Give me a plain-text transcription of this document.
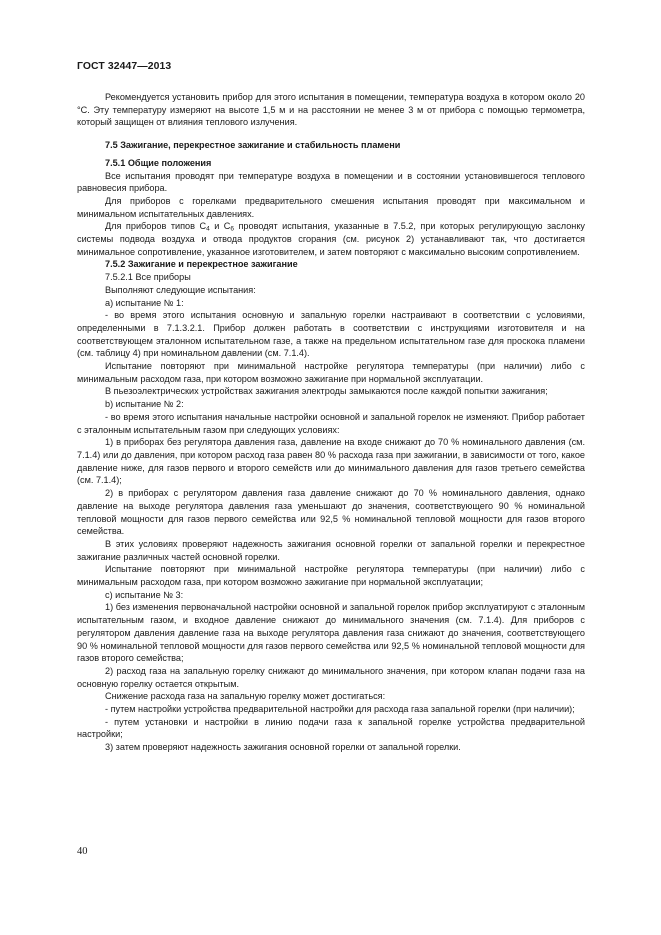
ГОСТ 32447—2013

Рекомендуется установить прибор для этого испытания в помещении, температура воздуха в котором около 20 °С. Эту температуру измеряют на высоте 1,5 м и на расстоянии не менее 3 м от прибора с помощью термометра, который защищен от влияния теплового излучения.

7.5 Зажигание, перекрестное зажигание и стабильность пламени
7.5.1 Общие положения

Все испытания проводят при температуре воздуха в помещении и в состоянии установившегося теплового равновесия прибора.

Для приборов с горелками предварительного смешения испытания проводят при максимальном и минимальном испытательных давлениях.

Для приборов типов $С_4$ и $С_6$ проводят испытания, указанные в 7.5.2, при которых регулирующую заслонку системы подвода воздуха и отвода продуктов сгорания (см. рисунок 2) устанавливают так, что достигается минимальное сопротивление, указанное изготовителем, и затем повторяют с максимально высоким сопротивлением.

7.5.2 Зажигание и перекрестное зажигание

7.5.2.1 Все приборы

Выполняют следующие испытания:

а) испытание № 1:

- во время этого испытания основную и запальную горелки настраивают в соответствии с условиями, определенными в 7.1.3.2.1. Прибор должен работать в соответствии с инструкциями изготовителя и на соответствующем эталонном испытательном газе, а также на предельном испытательном газе для проскока пламени (см. таблицу 4) при номинальном давлении (см. 7.1.4).

Испытание повторяют при минимальной настройке регулятора температуры (при наличии) либо с минимальным расходом газа, при котором возможно зажигание при нормальной эксплуатации.

В пьезоэлектрических устройствах зажигания электроды замыкаются после каждой попытки зажигания;

b) испытание № 2:

- во время этого испытания начальные настройки основной и запальной горелок не изменяют. Прибор работает с эталонным испытательным газом при следующих условиях:

1) в приборах без регулятора давления газа, давление на входе снижают до 70 % номинального давления (см. 7.1.4) или до давления, при котором расход газа равен 80 % расхода газа при зажигании, в зависимости от того, какое давление ниже, для газов первого и второго семейств или до минимального давления для газов третьего семейства (см. 7.1.4);

2) в приборах с регулятором давления газа давление снижают до 70 % номинального давления, однако давление на выходе регулятора давления газа уменьшают до значения, соответствующего 90 % номинальной тепловой мощности для газов первого семейства или 92,5 % номинальной тепловой мощности для газов второго семейства.

В этих условиях проверяют надежность зажигания основной горелки от запальной горелки и перекрестное зажигание различных частей основной горелки.

Испытание повторяют при минимальной настройке регулятора температуры (при наличии) либо с минимальным расходом газа, при котором возможно зажигание при нормальной эксплуатации;

с) испытание № 3:

1) без изменения первоначальной настройки основной и запальной горелок прибор эксплуатируют с эталонным испытательным газом, и входное давление снижают до минимального значения (см. 7.1.4). Для приборов с регулятором давления давление газа на выходе регулятора давления газа снижают до значения, соответствующего 90 % номинальной тепловой мощности для газов первого семейства или 92,5 % номинальной тепловой мощности для газов второго семейства;

2) расход газа на запальную горелку снижают до минимального значения, при котором клапан подачи газа на основную горелку остается открытым.

Снижение расхода газа на запальную горелку может достигаться:

- путем настройки устройства предварительной настройки для расхода газа запальной горелки (при наличии);

- путем установки и настройки в линию подачи газа к запальной горелке устройства предварительной настройки;

3) затем проверяют надежность зажигания основной горелки от запальной горелки.

40
